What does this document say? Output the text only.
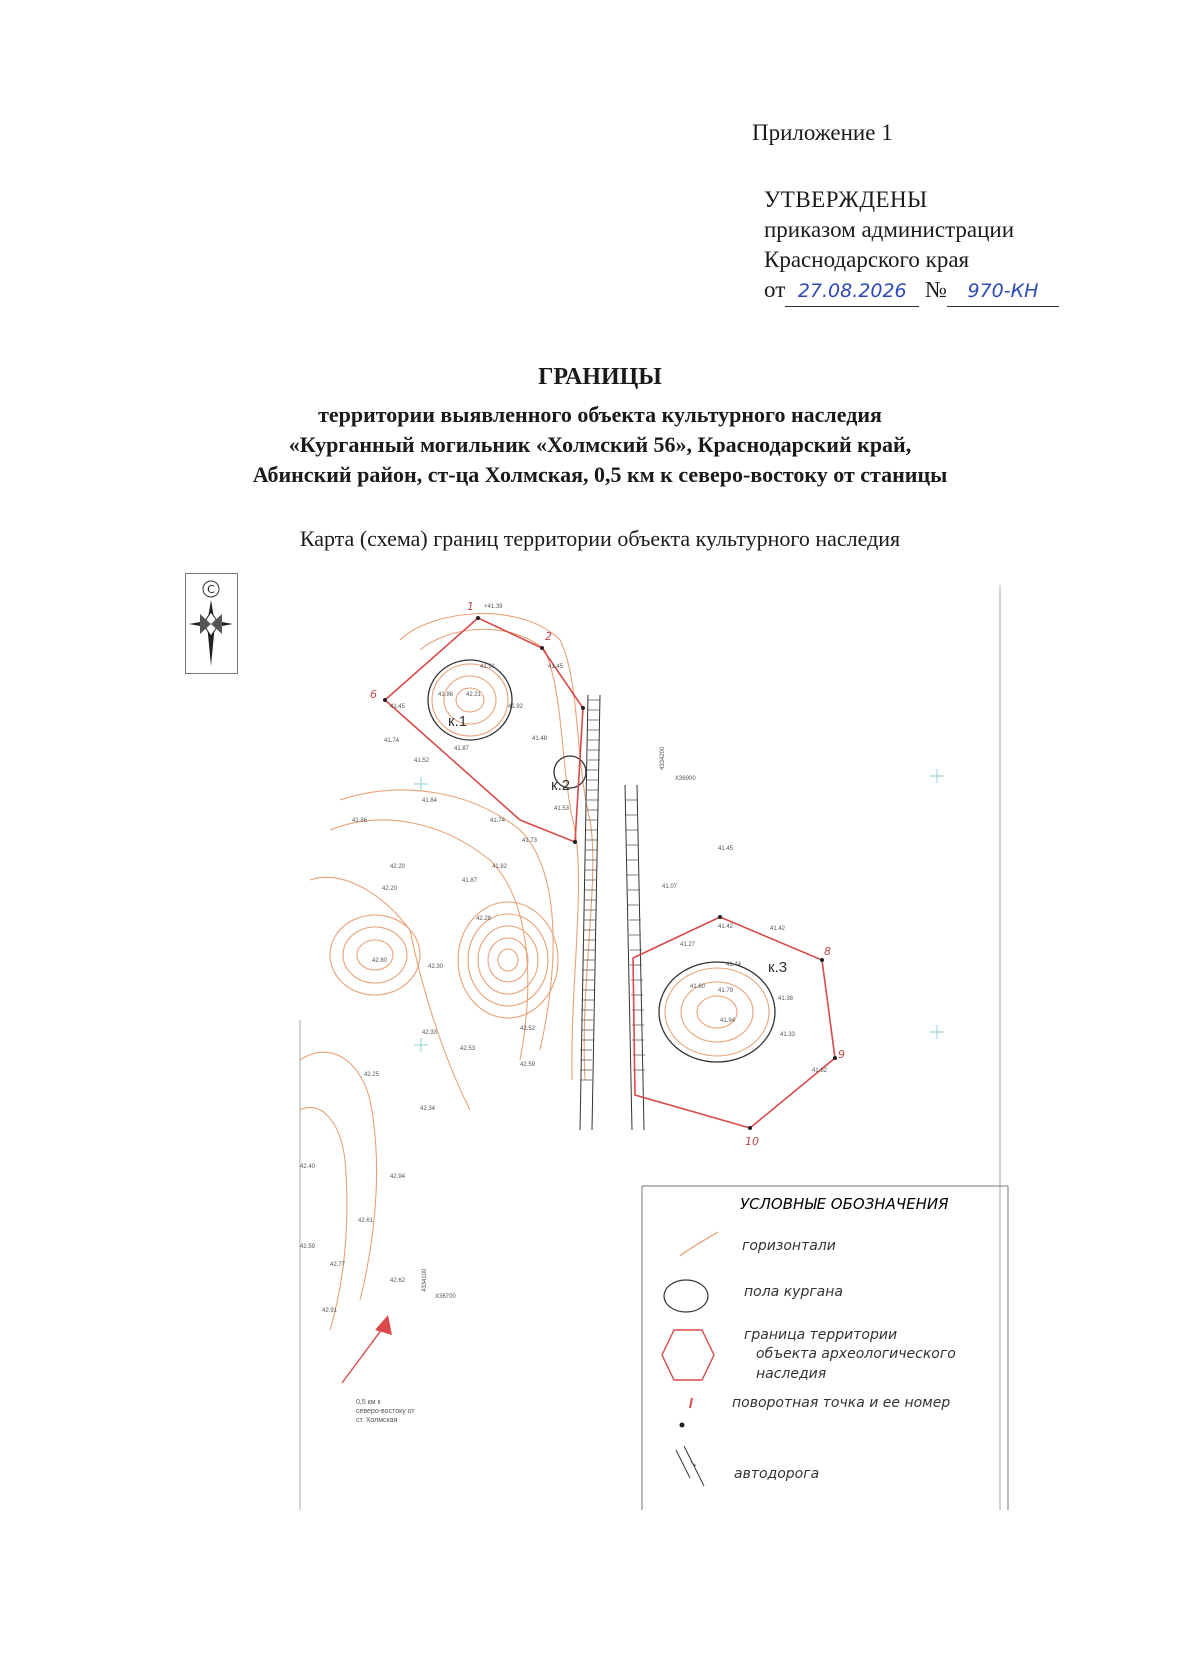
Приложение 1
УТВЕРЖДЕНЫ
приказом администрации
Краснодарского края
от 27.08.2026 № 970-КН
ГРАНИЦЫ
территории выявленного объекта культурного наследия
«Курганный могильник «Холмский 56», Краснодарский край,
Абинский район, ст-ца Холмская, 0,5 км к северо-востоку от станицы
Карта (схема) границ территории объекта культурного наследия
С
1
2
6
8
9
10
к.1
к.2
к.3
4334200
X36900
4334100
X36700
+41.39
41.45
41.91
41.45	41.92
42.21
41.86
41.87
41.48
41.74
41.52
41.84
41.86
41.53
41.74
41.73
42.20
42.20
41.87
41.82
42.28
42.80
42.30
42.52
41.07
41.45
41.42	41.42
41.27
41.44
41.60
41.79
41.38
41.94
41.33
41.62
42.33
42.53
42.59
42.25
42.34
42.40
42.94
42.61
42.59
42.77
42.62
42.91
0,5 км к
северо-востоку от
ст. Холмская
УСЛОВНЫЕ ОБОЗНАЧЕНИЯ
горизонтали
пола кургана
граница территории
объекта археологического
наследия
поворотная точка и ее номер
автодорога
